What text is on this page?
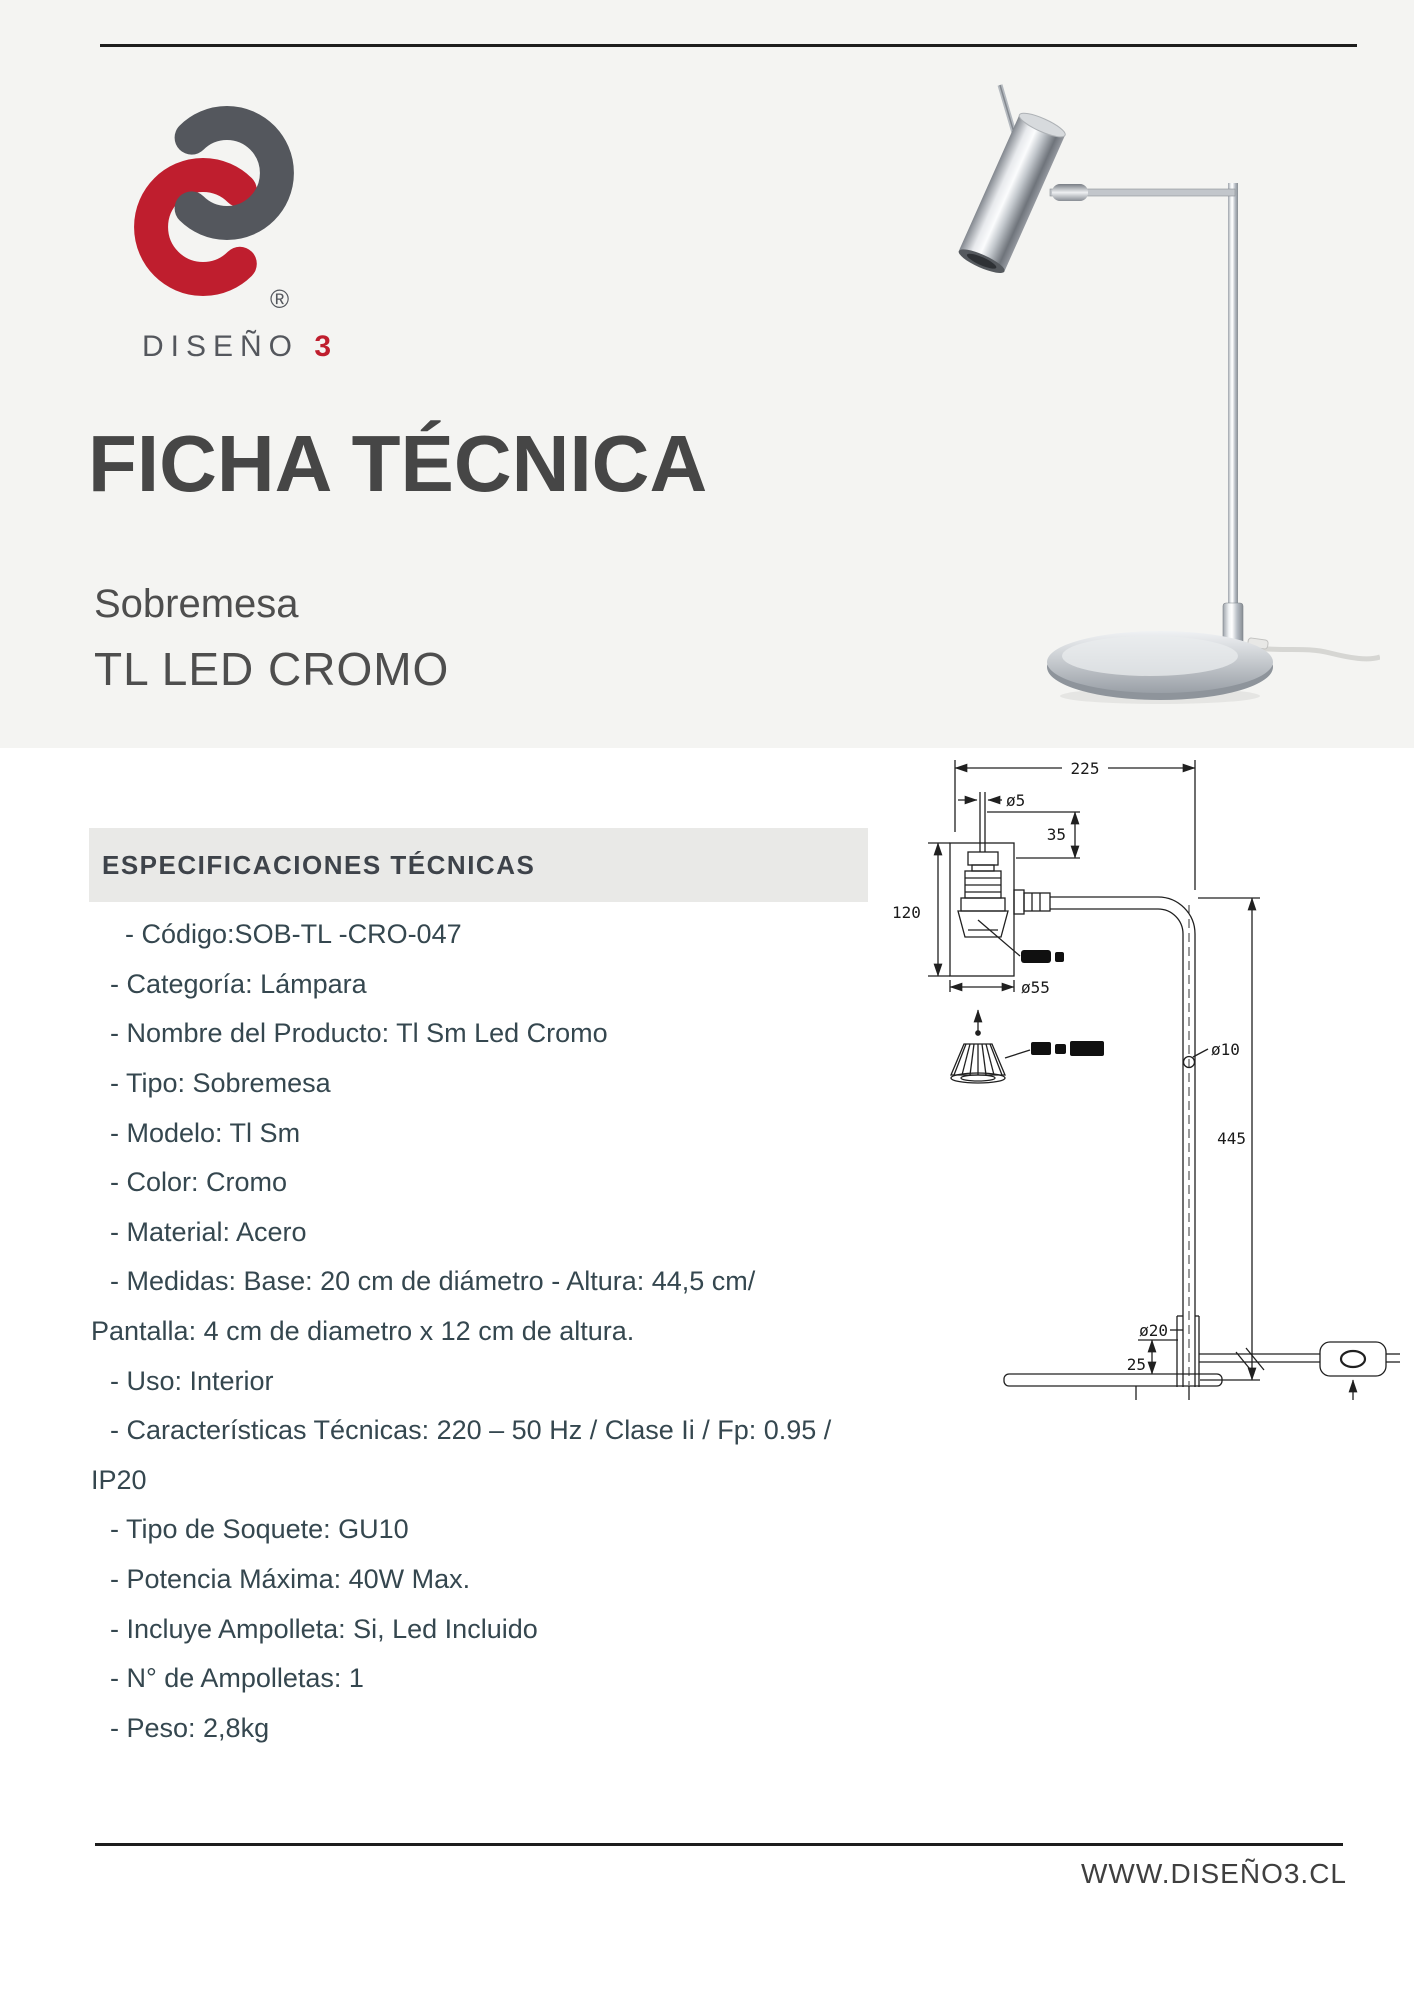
®
DISEÑO 3
FICHA TÉCNICA
Sobremesa
TL LED CROMO
ESPECIFICACIONES TÉCNICAS
- Código:SOB-TL -CRO-047
- Categoría: Lámpara
- Nombre del Producto: Tl Sm Led Cromo
- Tipo: Sobremesa
- Modelo: Tl Sm
- Color: Cromo
- Material: Acero
- Medidas: Base: 20 cm de diámetro - Altura: 44,5 cm/
Pantalla: 4 cm de diametro x 12 cm de altura.
- Uso: Interior
- Características Técnicas: 220 – 50 Hz / Clase Ii / Fp: 0.95 /
IP20
- Tipo de Soquete: GU10
- Potencia Máxima: 40W Max.
- Incluye Ampolleta: Si, Led Incluido
- N° de Ampolletas: 1
- Peso: 2,8kg
225
ø5
35
120
ø55
ø10
445
ø20
25
WWW.DISEÑO3.CL
